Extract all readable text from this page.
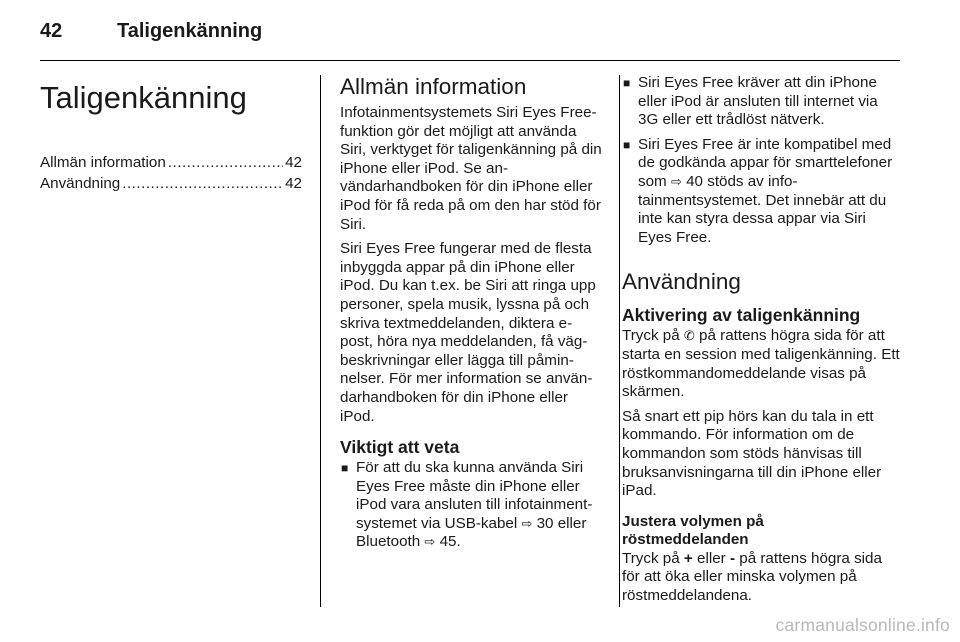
42	Taligenkänning
Taligenkänning
Allmän information .....	42
Användning .....	42
Allmän information

Infotainmentsystemets Siri Eyes Free-funktion gör det möjligt att använda Siri, verktyget för taligenkänning på din iPhone eller iPod. Se användarhandboken för din iPhone eller iPod för få reda på om den har stöd för Siri.

Siri Eyes Free fungerar med de flesta inbyggda appar på din iPhone eller iPod. Du kan t.ex. be Siri att ringa upp personer, spela musik, lyssna på och skriva textmeddelanden, diktera e-post, höra nya meddelanden, få vägbeskrivningar eller lägga till påminnelser. För mer information se användarhandboken för din iPhone eller iPod.

Viktigt att veta
■ För att du ska kunna använda Siri Eyes Free måste din iPhone eller iPod vara ansluten till infotainmentsystemet via USB-kabel ⇨ 30 eller Bluetooth ⇨ 45.
■ Siri Eyes Free kräver att din iPhone eller iPod är ansluten till internet via 3G eller ett trådlöst nätverk.
■ Siri Eyes Free är inte kompatibel med de godkända appar för smarttelefoner som ⇨ 40 stöds av infotainmentsystemet. Det innebär att du inte kan styra dessa appar via Siri Eyes Free.
Användning
Aktivering av taligenkänning

Tryck på ✆ på rattens högra sida för att starta en session med taligenkänning. Ett röstkommandomeddelande visas på skärmen.

Så snart ett pip hörs kan du tala in ett kommando. För information om de kommandon som stöds hänvisas till bruksanvisningarna till din iPhone eller iPad.

Justera volymen på
röstmeddelanden

Tryck på + eller - på rattens högra sida för att öka eller minska volymen på röstmeddelandena.

carmanualsonline.info
